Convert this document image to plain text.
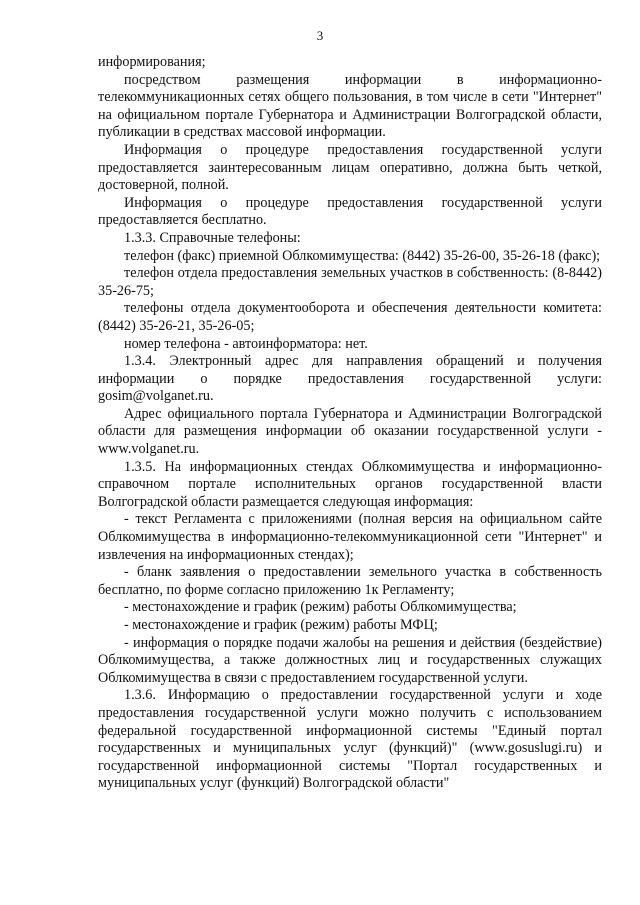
3

информирования;

посредством размещения информации в информационно-телекоммуникационных сетях общего пользования, в том числе в сети "Интернет" на официальном портале Губернатора и Администрации Волгоградской области, публикации в средствах массовой информации.

Информация о процедуре предоставления государственной услуги предоставляется заинтересованным лицам оперативно, должна быть четкой, достоверной, полной.

Информация о процедуре предоставления государственной услуги предоставляется бесплатно.

1.3.3. Справочные телефоны:

телефон (факс) приемной Облкомимущества: (8442) 35-26-00, 35-26-18 (факс);

телефон отдела предоставления земельных участков в собственность: (8-8442) 35-26-75;

телефоны отдела документооборота и обеспечения деятельности комитета: (8442) 35-26-21, 35-26-05;

номер телефона - автоинформатора: нет.

1.3.4. Электронный адрес для направления обращений и получения информации о порядке предоставления государственной услуги: gosim@volganet.ru.

Адрес официального портала Губернатора и Администрации Волгоградской области для размещения информации об оказании государственной услуги - www.volganet.ru.

1.3.5. На информационных стендах Облкомимущества и информационно-справочном портале исполнительных органов государственной власти Волгоградской области размещается следующая информация:

- текст Регламента с приложениями (полная версия на официальном сайте Облкомимущества в информационно-телекоммуникационной сети "Интернет" и извлечения на информационных стендах);

- бланк заявления о предоставлении земельного участка в собственность бесплатно, по форме согласно приложению 1к Регламенту;

- местонахождение и график (режим) работы Облкомимущества;

- местонахождение и график (режим) работы МФЦ;

- информация о порядке подачи жалобы на решения и действия (бездействие) Облкомимущества, а также должностных лиц и государственных служащих Облкомимущества в связи с предоставлением государственной услуги.

1.3.6. Информацию о предоставлении государственной услуги и ходе предоставления государственной услуги можно получить с использованием федеральной государственной информационной системы "Единый портал государственных и муниципальных услуг (функций)" (www.gosuslugi.ru) и государственной информационной системы "Портал государственных и муниципальных услуг (функций) Волгоградской области"
